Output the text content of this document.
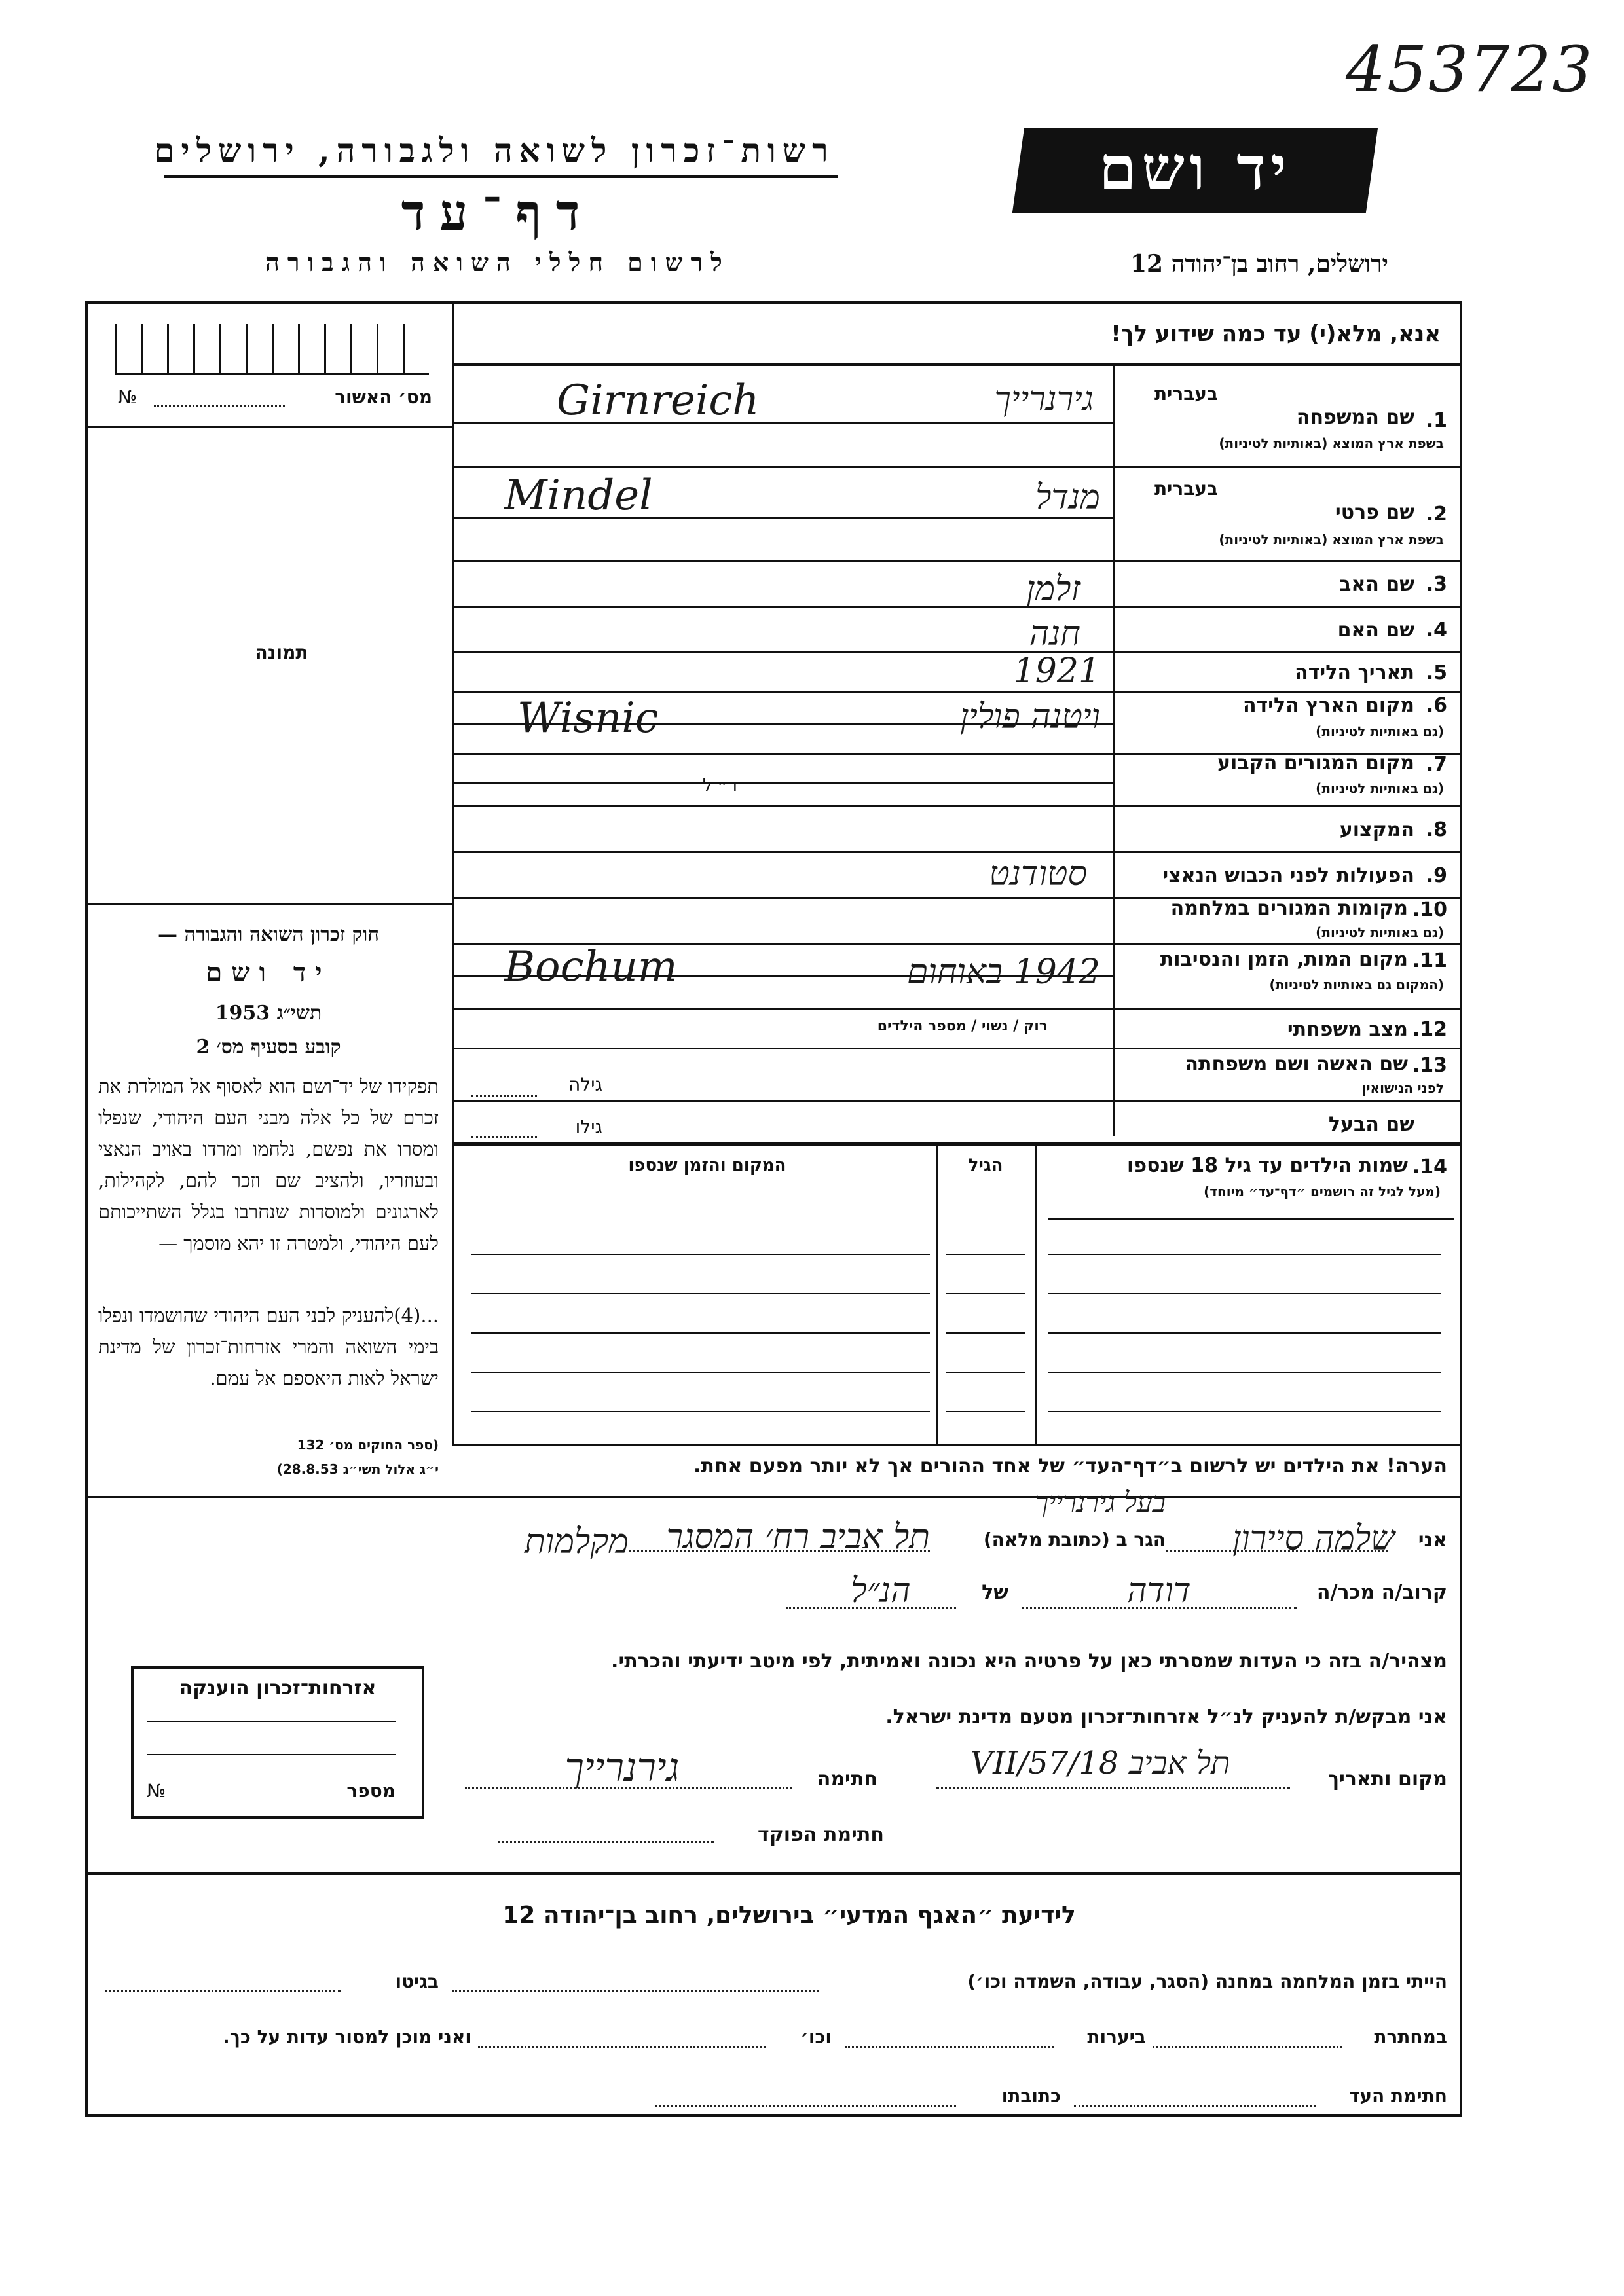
453723
רשות־זכרון לשואה ולגבורה, ירושלים
דף־עד
לרשום חללי השואה והגבורה
יד ושם
ירושלים, רחוב בן־יהודה 12
אנא, מלא(י) עד כמה שידוע לך!
מס׳ האשור
№
תמונה
חוק זכרון השואה והגבורה —
יד ושם
תשי״ג 1953
קובע בסעיף מס׳ 2
תפקידו של יד־ושם הוא לאסוף אל המולדת את זכרם של כל אלה מבני העם היהודי, שנפלו ומסרו את נפשם, נלחמו ומרדו באויב הנאצי ובעוזריו, ולהציב שם וזכר להם, לקהילות, לארגונים ולמוסדות שנחרבו בגלל השתייכותם לעם היהודי, ולמטרה זו יהא מוסמך —
...(4)להעניק לבני העם היהודי שהושמדו ונפלו בימי השואה והמרי אזרחות־זכרון של מדינת ישראל לאות היאספם אל עמם.
(ספר החוקים מס׳ 132
י״ג אלול תשי״ג 28.8.53)
בעברית
1.
שם המשפחה
בשפת ארץ המוצא (באותיות לטיניות)
גירנרייך
Girnreich
בעברית
2.
שם פרטי
בשפת ארץ המוצא (באותיות לטיניות)
מנדל
Mindel
3.
שם האב
זלמן
4.
שם האם
חנה
5.
תאריך הלידה
1921
6.
מקום הארץ הלידה
(גם באותיות לטיניות)
ויטנה פולין
Wisnic
7.
מקום המגורים הקבוע
(גם באותיות לטיניות)
ד״ ל
8.
המקצוע
9.
הפעולות לפני הכבוש הנאצי
סטודנט
10.
מקומות המגורים במלחמה
(גם באותיות לטיניות)
11.
מקום המות, הזמן והנסיבות
(המקום גם באותיות לטיניות)
1942 באוחום
Bochum
רוק / נשוי / מספר הילדים	12.
מצב משפחתי
13.
שם האשה ושם משפחתה
לפני הנישואין
גילה
שם הבעל
גילו
14.
שמות הילדים עד גיל 18 שנספו
(מעל לגיל זה רושמים ״דף־עד״ מיוחד)
הגיל
המקום והזמן שנספו
הערה! את הילדים יש לרשום ב״דף־העד״ של אחד ההורים אך לא יותר מפעם אחת.
בעל גירנרייך
אני
שלמה סיירון
הגר ב (כתובת מלאה)
תל אביב רח׳ המסגר
מקלמות
קרוב/ה מכר/ה
דודה
של
הנ״ל
מצהיר/ה בזה כי העדות שמסרתי כאן על פרטיה היא נכונה ואמיתית, לפי מיטב ידיעתי והכרתי.
אני מבקש/ת להעניק לנ״ל אזרחות־זכרון מטעם מדינת ישראל.
מקום ותאריך
תל אביב 18/VII/57
חתימה
גירנרייך
חתימת הפוקד
אזרחות־זכרון הוענקה
מספר
№
לידיעת ״האגף המדעי״ בירושלים, רחוב בן־יהודה 12
הייתי בזמן המלחמה במחנה (הסגר, עבודה, השמדה וכו׳)
בגיטו
במחתרת
ביערות
וכו׳
ואני מוכן למסור עדות על כך.
חתימת העד
כתובתו
